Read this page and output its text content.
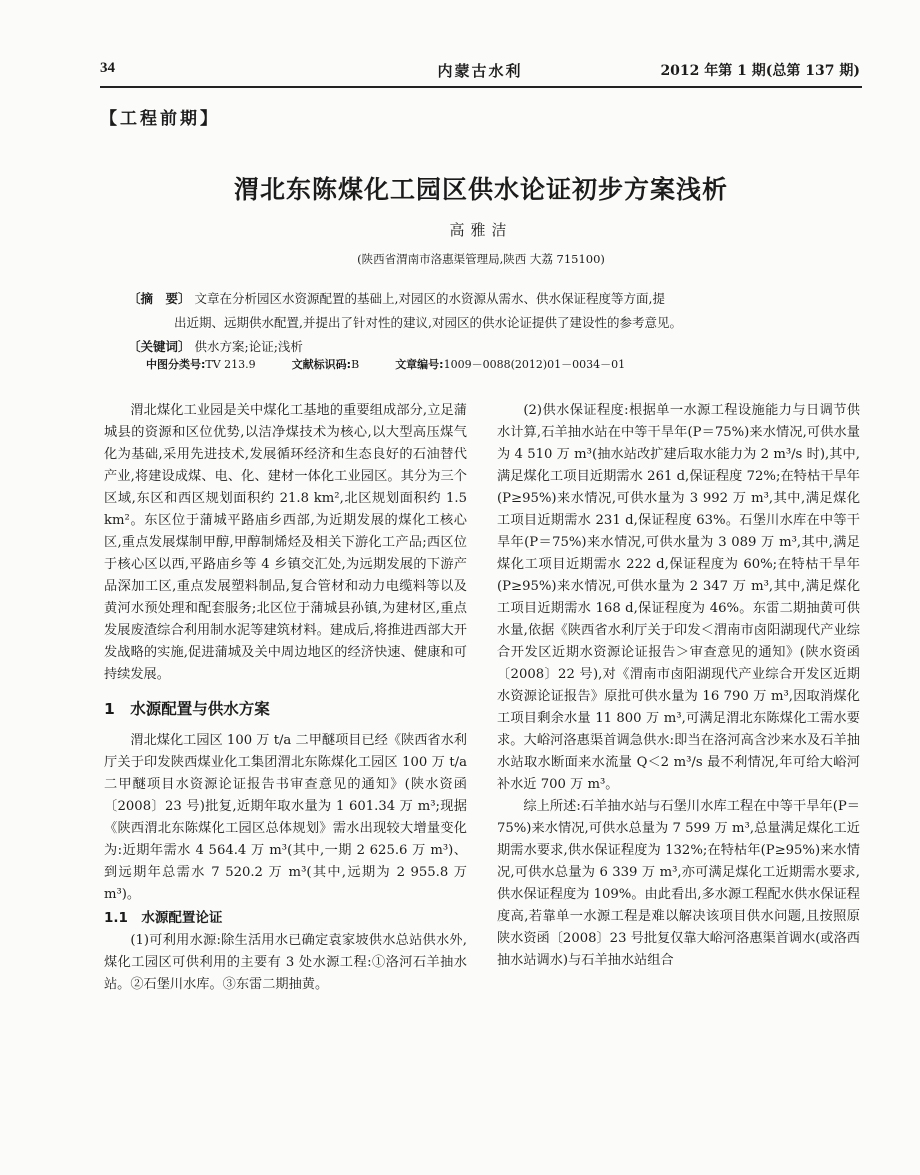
34	内蒙古水利	2012 年第 1 期(总第 137 期)
【工程前期】
渭北东陈煤化工园区供水论证初步方案浅析
高雅洁
(陕西省渭南市洛惠渠管理局,陕西 大荔 715100)
〔摘　要〕 文章在分析园区水资源配置的基础上,对园区的水资源从需水、供水保证程度等方面,提
出近期、远期供水配置,并提出了针对性的建议,对园区的供水论证提供了建设性的参考意见。
〔关键词〕 供水方案;论证;浅析
中图分类号:TV 213.9	文献标识码:B	文章编号:1009－0088(2012)01－0034－01

渭北煤化工业园是关中煤化工基地的重要组成部分,立足蒲城县的资源和区位优势,以洁净煤技术为核心,以大型高压煤气化为基础,采用先进技术,发展循环经济和生态良好的石油替代产业,将建设成煤、电、化、建材一体化工业园区。其分为三个区域,东区和西区规划面积约 21.8 km²,北区规划面积约 1.5 km²。东区位于蒲城平路庙乡西部,为近期发展的煤化工核心区,重点发展煤制甲醇,甲醇制烯烃及相关下游化工产品;西区位于核心区以西,平路庙乡等 4 乡镇交汇处,为远期发展的下游产品深加工区,重点发展塑料制品,复合管材和动力电缆料等以及黄河水预处理和配套服务;北区位于蒲城县孙镇,为建材区,重点发展废渣综合利用制水泥等建筑材料。建成后,将推进西部大开发战略的实施,促进蒲城及关中周边地区的经济快速、健康和可持续发展。

1　水源配置与供水方案

渭北煤化工园区 100 万 t/a 二甲醚项目已经《陕西省水利厅关于印发陕西煤业化工集团渭北东陈煤化工园区 100 万 t/a 二甲醚项目水资源论证报告书审查意见的通知》(陕水资函〔2008〕23 号)批复,近期年取水量为 1 601.34 万 m³;现据《陕西渭北东陈煤化工园区总体规划》需水出现较大增量变化为:近期年需水 4 564.4 万 m³(其中,一期 2 625.6 万 m³)、到远期年总需水 7 520.2 万 m³(其中,远期为 2 955.8 万 m³)。

1.1　水源配置论证

(1)可利用水源:除生活用水已确定袁家坡供水总站供水外,煤化工园区可供利用的主要有 3 处水源工程:①洛河石羊抽水站。②石堡川水库。③东雷二期抽黄。

(2)供水保证程度:根据单一水源工程设施能力与日调节供水计算,石羊抽水站在中等干旱年(P＝75%)来水情况,可供水量为 4 510 万 m³(抽水站改扩建后取水能力为 2 m³/s 时),其中,满足煤化工项目近期需水 261 d,保证程度 72%;在特枯干旱年(P≥95%)来水情况,可供水量为 3 992 万 m³,其中,满足煤化工项目近期需水 231 d,保证程度 63%。石堡川水库在中等干旱年(P＝75%)来水情况,可供水量为 3 089 万 m³,其中,满足煤化工项目近期需水 222 d,保证程度为 60%;在特枯干旱年(P≥95%)来水情况,可供水量为 2 347 万 m³,其中,满足煤化工项目近期需水 168 d,保证程度为 46%。东雷二期抽黄可供水量,依据《陕西省水利厅关于印发＜渭南市卤阳湖现代产业综合开发区近期水资源论证报告＞审查意见的通知》(陕水资函〔2008〕22 号),对《渭南市卤阳湖现代产业综合开发区近期水资源论证报告》原批可供水量为 16 790 万 m³,因取消煤化工项目剩余水量 11 800 万 m³,可满足渭北东陈煤化工需水要求。大峪河洛惠渠首调急供水:即当在洛河高含沙来水及石羊抽水站取水断面来水流量 Q＜2 m³/s 最不利情况,年可给大峪河补水近 700 万 m³。

综上所述:石羊抽水站与石堡川水库工程在中等干旱年(P＝75%)来水情况,可供水总量为 7 599 万 m³,总量满足煤化工近期需水要求,供水保证程度为 132%;在特枯年(P≥95%)来水情况,可供水总量为 6 339 万 m³,亦可满足煤化工近期需水要求,供水保证程度为 109%。由此看出,多水源工程配水供水保证程度高,若靠单一水源工程是难以解决该项目供水问题,且按照原陕水资函〔2008〕23 号批复仅靠大峪河洛惠渠首调水(或洛西抽水站调水)与石羊抽水站组合
